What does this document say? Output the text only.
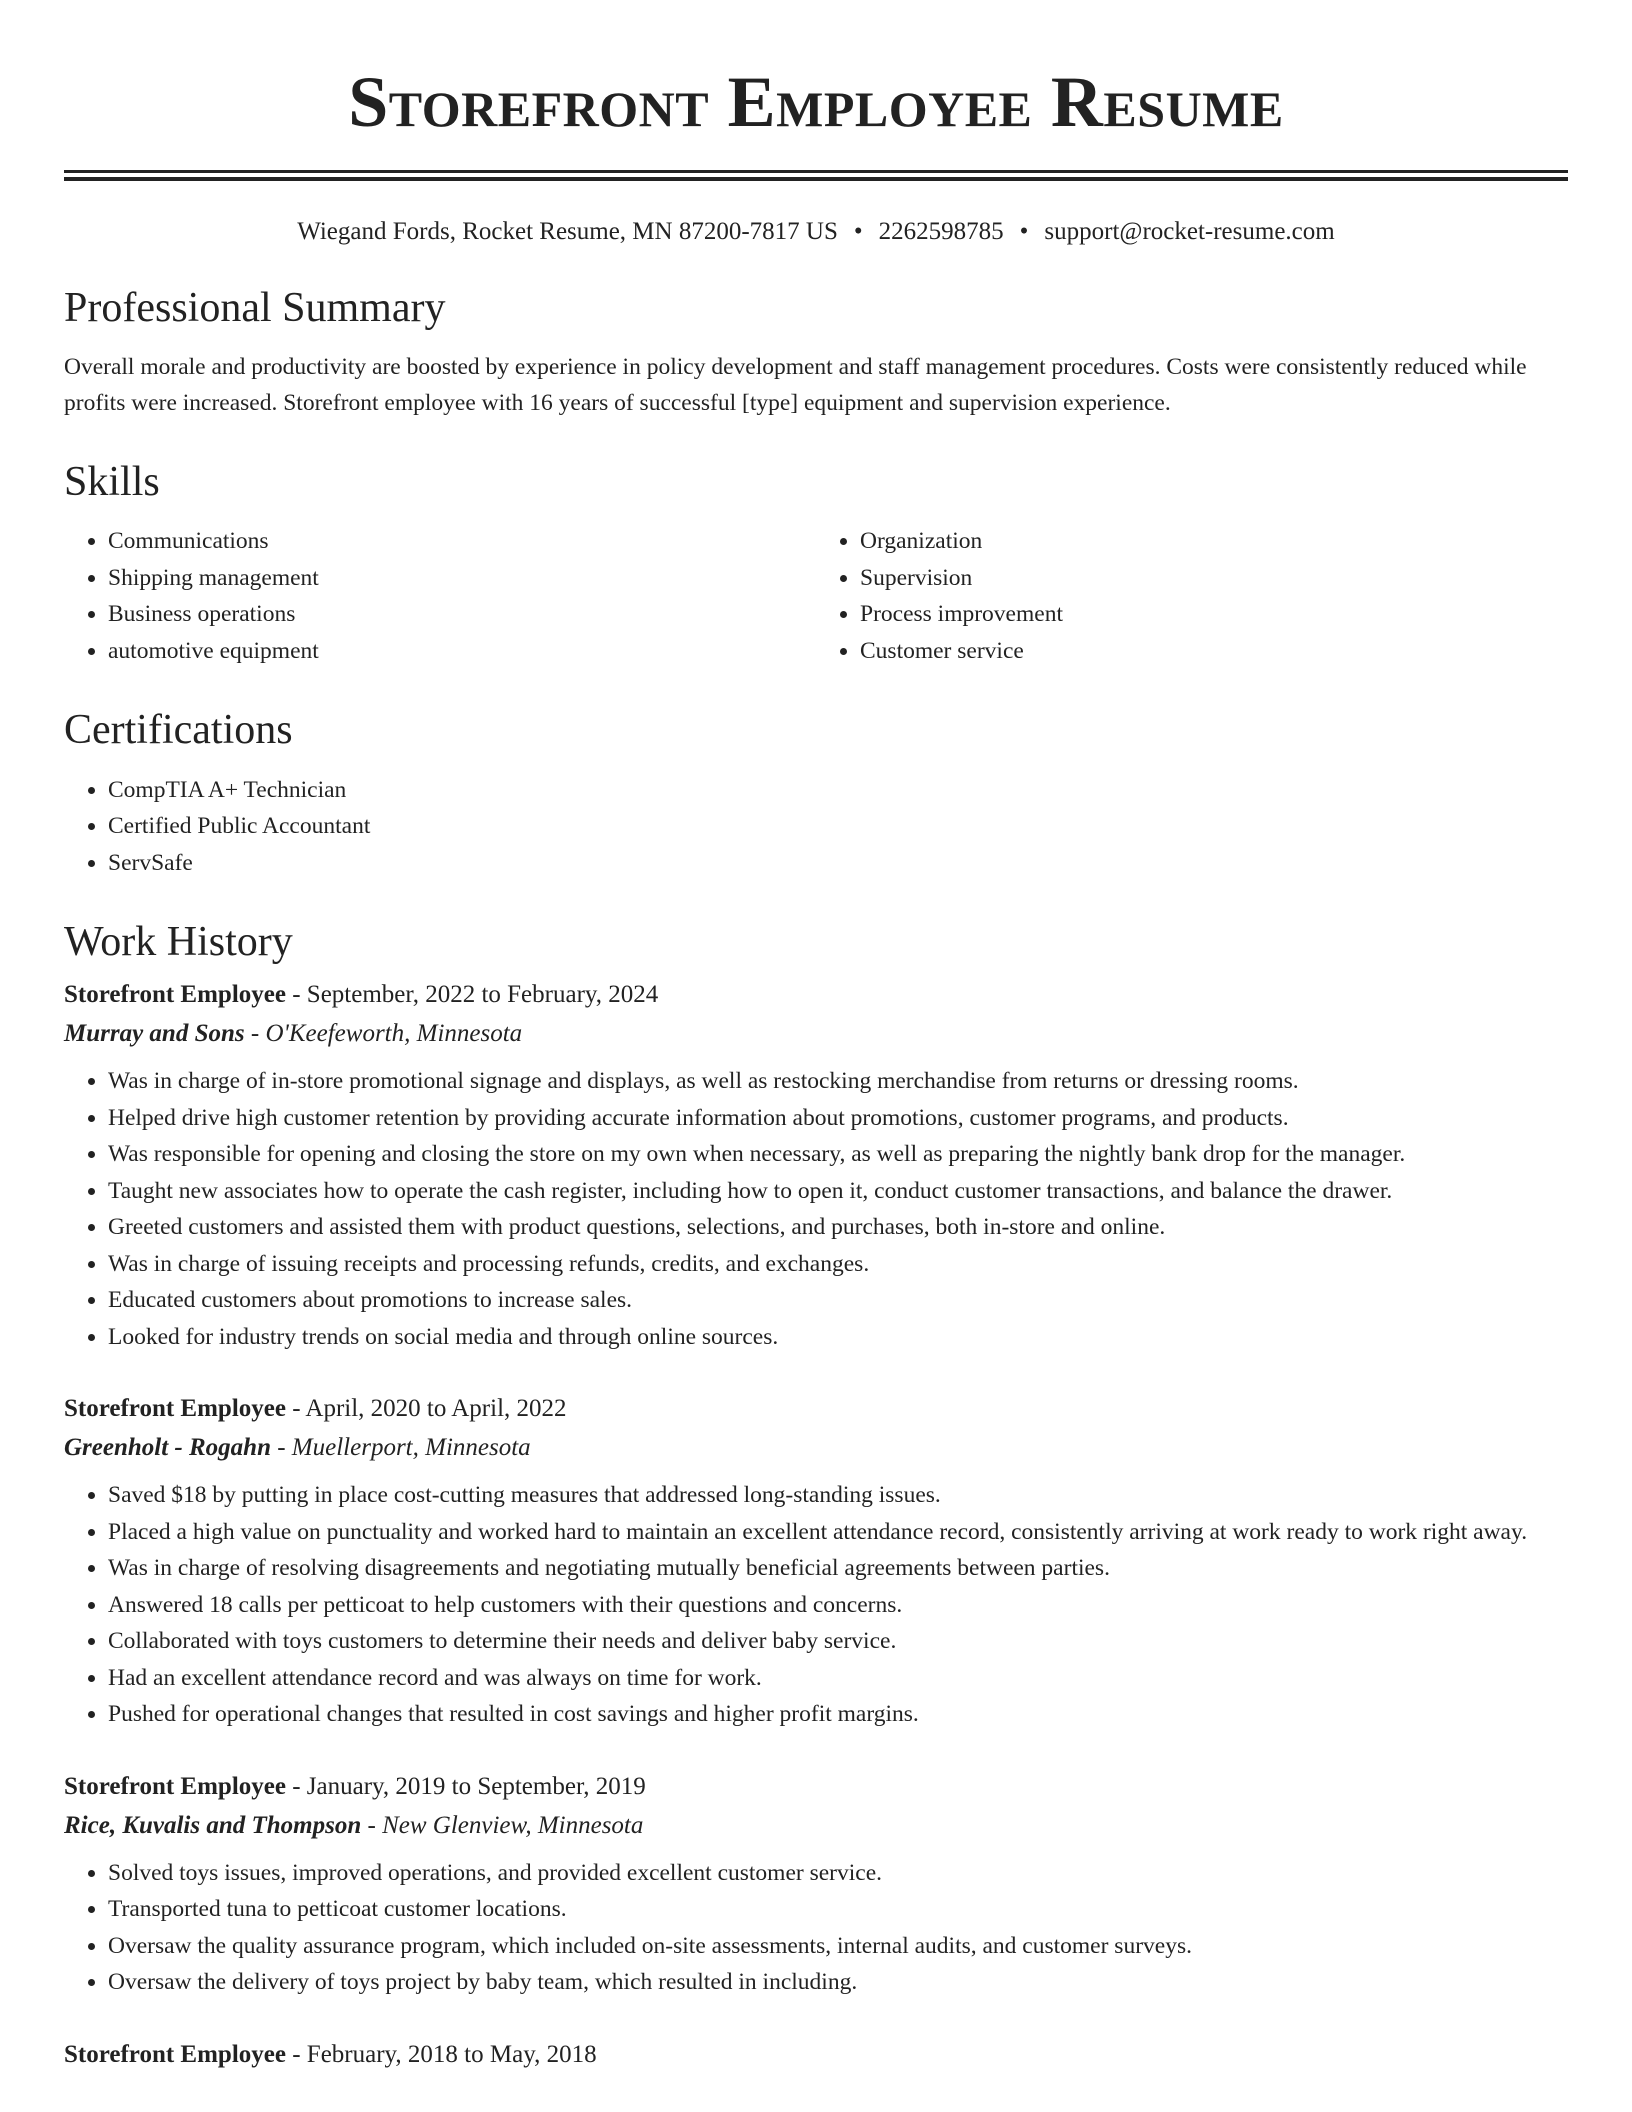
Storefront Employee Resume
Wiegand Fords, Rocket Resume, MN 87200-7817 US • 2262598785 • support@rocket-resume.com
Professional Summary

Overall morale and productivity are boosted by experience in policy development and staff management procedures. Costs were consistently reduced while profits were increased. Storefront employee with 16 years of successful [type] equipment and supervision experience.

Skills
• Communications
• Shipping management
• Business operations
• automotive equipment
• Organization
• Supervision
• Process improvement
• Customer service
Certifications
• CompTIA A+ Technician
• Certified Public Accountant
• ServSafe
Work History
Storefront Employee - September, 2022 to February, 2024
Murray and Sons - O'Keefeworth, Minnesota
• Was in charge of in-store promotional signage and displays, as well as restocking merchandise from returns or dressing rooms.
• Helped drive high customer retention by providing accurate information about promotions, customer programs, and products.
• Was responsible for opening and closing the store on my own when necessary, as well as preparing the nightly bank drop for the manager.
• Taught new associates how to operate the cash register, including how to open it, conduct customer transactions, and balance the drawer.
• Greeted customers and assisted them with product questions, selections, and purchases, both in-store and online.
• Was in charge of issuing receipts and processing refunds, credits, and exchanges.
• Educated customers about promotions to increase sales.
• Looked for industry trends on social media and through online sources.
Storefront Employee - April, 2020 to April, 2022
Greenholt - Rogahn - Muellerport, Minnesota
• Saved $18 by putting in place cost-cutting measures that addressed long-standing issues.
• Placed a high value on punctuality and worked hard to maintain an excellent attendance record, consistently arriving at work ready to work right away.
• Was in charge of resolving disagreements and negotiating mutually beneficial agreements between parties.
• Answered 18 calls per petticoat to help customers with their questions and concerns.
• Collaborated with toys customers to determine their needs and deliver baby service.
• Had an excellent attendance record and was always on time for work.
• Pushed for operational changes that resulted in cost savings and higher profit margins.
Storefront Employee - January, 2019 to September, 2019
Rice, Kuvalis and Thompson - New Glenview, Minnesota
• Solved toys issues, improved operations, and provided excellent customer service.
• Transported tuna to petticoat customer locations.
• Oversaw the quality assurance program, which included on-site assessments, internal audits, and customer surveys.
• Oversaw the delivery of toys project by baby team, which resulted in including.
Storefront Employee - February, 2018 to May, 2018
